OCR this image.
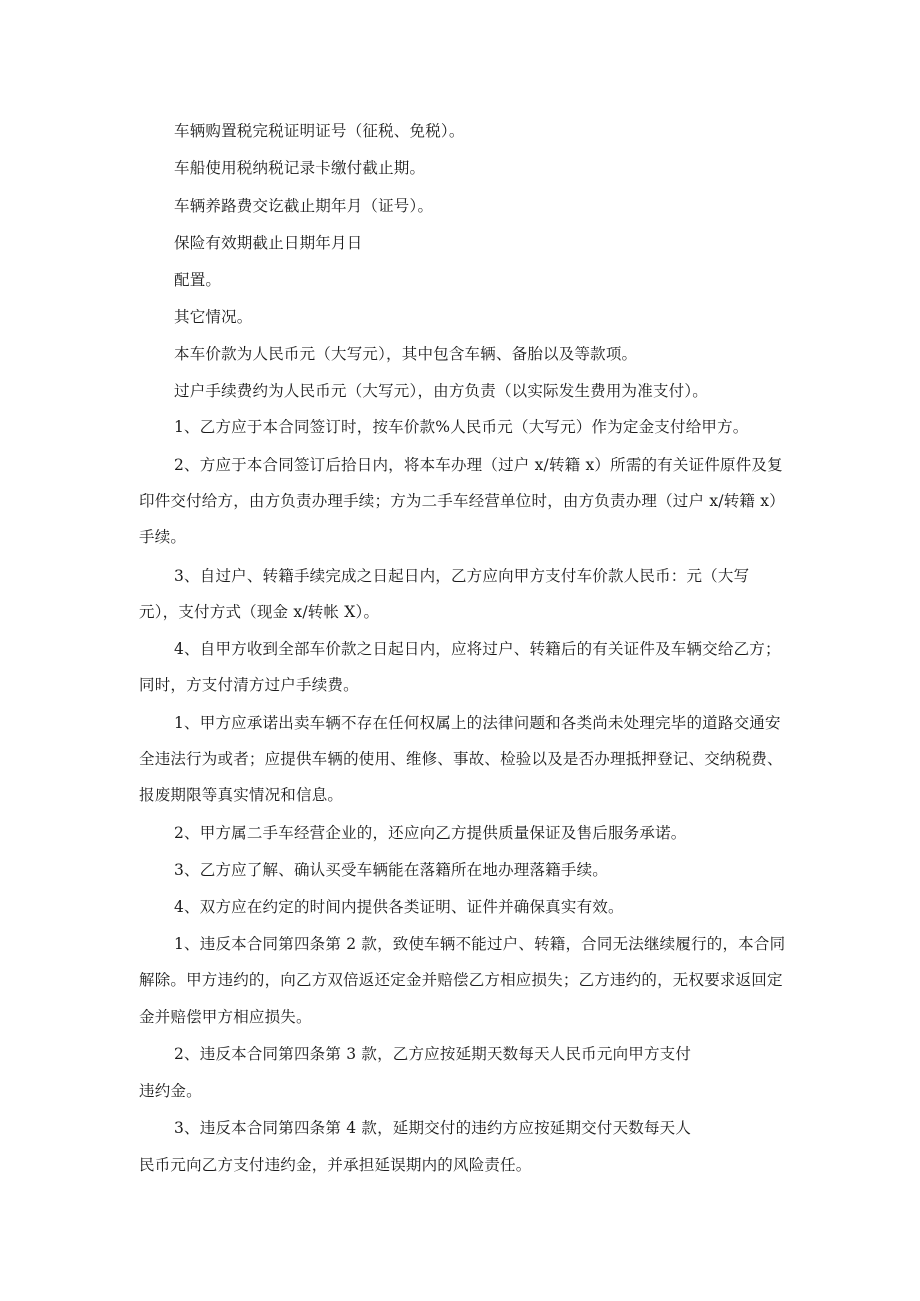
车辆购置税完税证明证号（征税、免税）。
车船使用税纳税记录卡缴付截止期。
车辆养路费交讫截止期年月（证号）。
保险有效期截止日期年月日
配置。
其它情况。
本车价款为人民币元（大写元），其中包含车辆、备胎以及等款项。
过户手续费约为人民币元（大写元），由方负责（以实际发生费用为准支付）。
1、乙方应于本合同签订时，按车价款%人民币元（大写元）作为定金支付给甲方。
2、方应于本合同签订后拾日内，将本车办理（过户 x/转籍 x）所需的有关证件原件及复
印件交付给方，由方负责办理手续；方为二手车经营单位时，由方负责办理（过户 x/转籍 x）
手续。
3、自过户、转籍手续完成之日起日内，乙方应向甲方支付车价款人民币：元（大写
元），支付方式（现金 x/转帐 X）。
4、自甲方收到全部车价款之日起日内，应将过户、转籍后的有关证件及车辆交给乙方；
同时，方支付清方过户手续费。
1、甲方应承诺出卖车辆不存在任何权属上的法律问题和各类尚未处理完毕的道路交通安
全违法行为或者；应提供车辆的使用、维修、事故、检验以及是否办理抵押登记、交纳税费、
报废期限等真实情况和信息。
2、甲方属二手车经营企业的，还应向乙方提供质量保证及售后服务承诺。
3、乙方应了解、确认买受车辆能在落籍所在地办理落籍手续。
4、双方应在约定的时间内提供各类证明、证件并确保真实有效。
1、违反本合同第四条第 2 款，致使车辆不能过户、转籍，合同无法继续履行的，本合同
解除。甲方违约的，向乙方双倍返还定金并赔偿乙方相应损失；乙方违约的，无权要求返回定
金并赔偿甲方相应损失。
2、违反本合同第四条第 3 款，乙方应按延期天数每天人民币元向甲方支付
违约金。
3、违反本合同第四条第 4 款，延期交付的违约方应按延期交付天数每天人
民币元向乙方支付违约金，并承担延误期内的风险责任。
